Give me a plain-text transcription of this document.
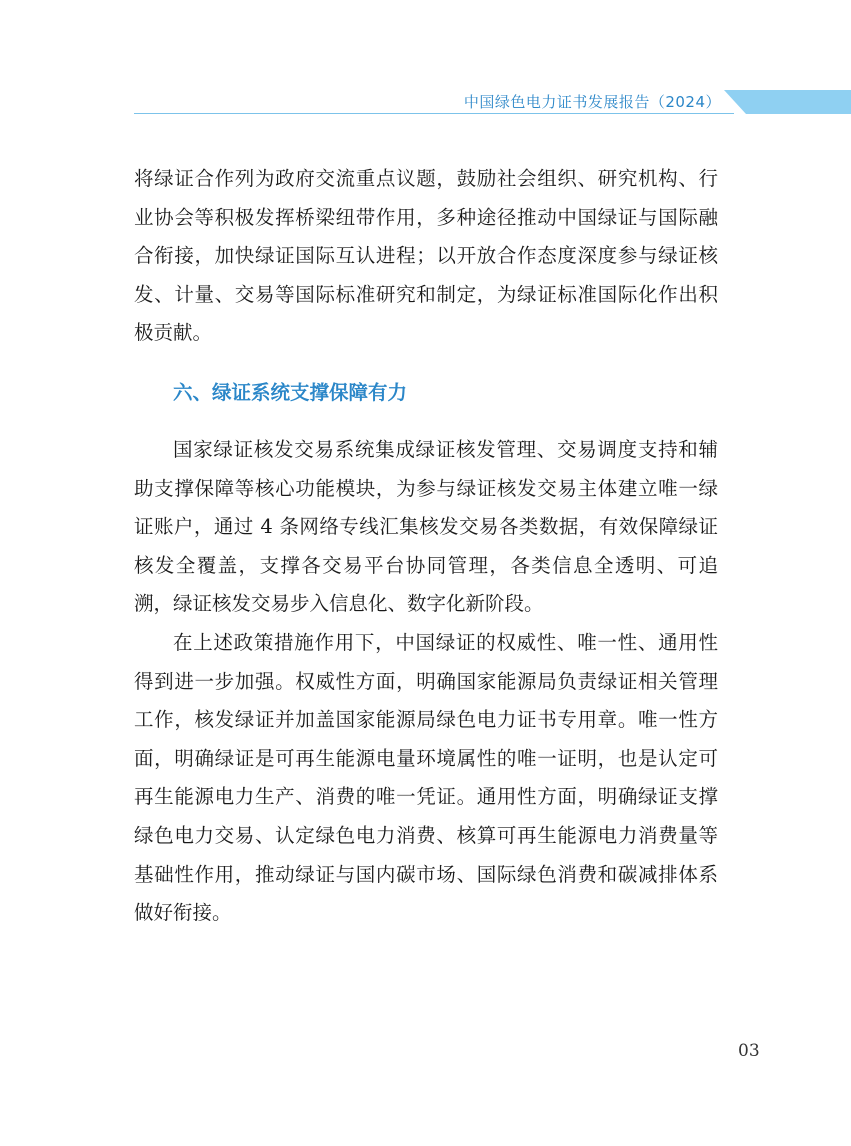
中国绿色电力证书发展报告（2024）

将绿证合作列为政府交流重点议题，鼓励社会组织、研究机构、行业协会等积极发挥桥梁纽带作用，多种途径推动中国绿证与国际融合衔接，加快绿证国际互认进程；以开放合作态度深度参与绿证核发、计量、交易等国际标准研究和制定，为绿证标准国际化作出积极贡献。

六、绿证系统支撑保障有力

国家绿证核发交易系统集成绿证核发管理、交易调度支持和辅助支撑保障等核心功能模块，为参与绿证核发交易主体建立唯一绿证账户，通过 4 条网络专线汇集核发交易各类数据，有效保障绿证核发全覆盖，支撑各交易平台协同管理，各类信息全透明、可追溯，绿证核发交易步入信息化、数字化新阶段。

在上述政策措施作用下，中国绿证的权威性、唯一性、通用性得到进一步加强。权威性方面，明确国家能源局负责绿证相关管理工作，核发绿证并加盖国家能源局绿色电力证书专用章。唯一性方面，明确绿证是可再生能源电量环境属性的唯一证明，也是认定可再生能源电力生产、消费的唯一凭证。通用性方面，明确绿证支撑绿色电力交易、认定绿色电力消费、核算可再生能源电力消费量等基础性作用，推动绿证与国内碳市场、国际绿色消费和碳减排体系做好衔接。

03
